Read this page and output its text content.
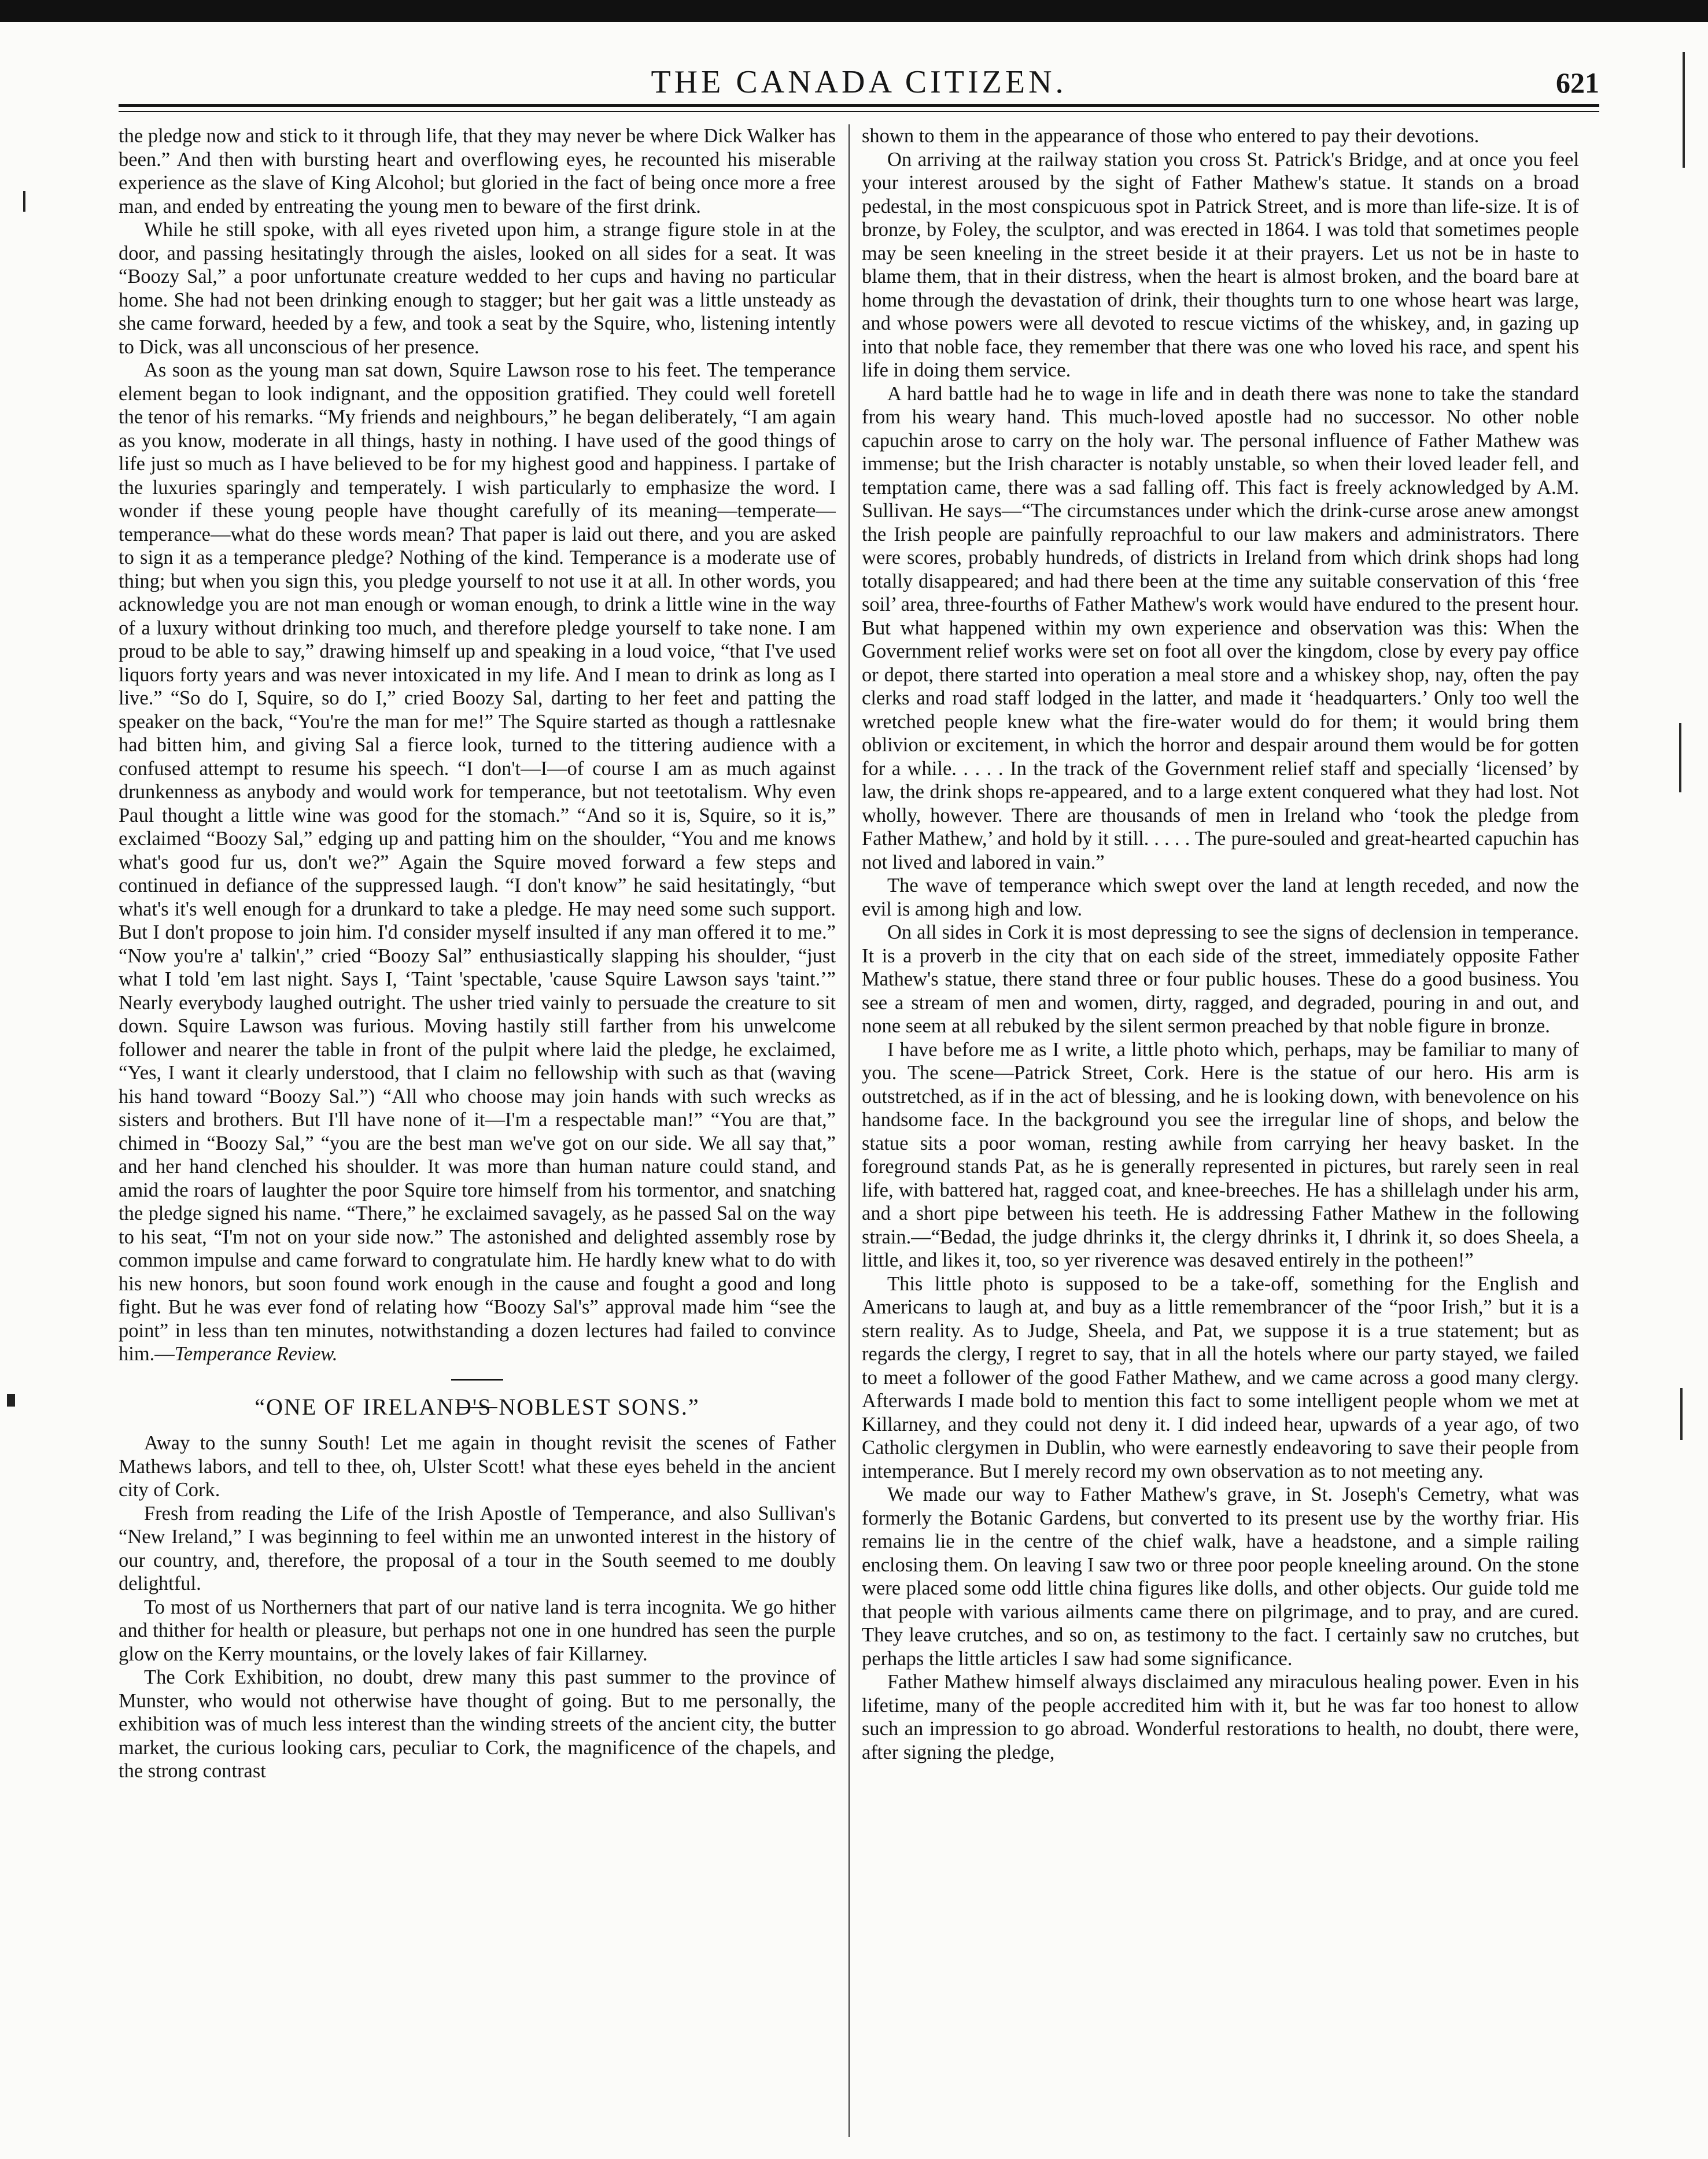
THE CANADA CITIZEN.	621

the pledge now and stick to it through life, that they may never be where Dick Walker has been.” And then with bursting heart and overflowing eyes, he recounted his miserable experience as the slave of King Alcohol; but gloried in the fact of being once more a free man, and ended by entreating the young men to beware of the first drink.

While he still spoke, with all eyes riveted upon him, a strange figure stole in at the door, and passing hesitatingly through the aisles, looked on all sides for a seat. It was “Boozy Sal,” a poor unfortunate creature wedded to her cups and having no particular home. She had not been drinking enough to stagger; but her gait was a little unsteady as she came forward, heeded by a few, and took a seat by the Squire, who, listening intently to Dick, was all unconscious of her presence.

As soon as the young man sat down, Squire Lawson rose to his feet. The temperance element began to look indignant, and the opposition gratified. They could well foretell the tenor of his remarks. “My friends and neighbours,” he began deliberately, “I am again as you know, moderate in all things, hasty in nothing. I have used of the good things of life just so much as I have believed to be for my highest good and happiness. I partake of the luxuries sparingly and temperately. I wish particularly to emphasize the word. I wonder if these young people have thought carefully of its meaning—temperate—temperance—what do these words mean? That paper is laid out there, and you are asked to sign it as a temperance pledge? Nothing of the kind. Temperance is a moderate use of thing; but when you sign this, you pledge yourself to not use it at all. In other words, you acknowledge you are not man enough or woman enough, to drink a little wine in the way of a luxury without drinking too much, and therefore pledge yourself to take none. I am proud to be able to say,” drawing himself up and speaking in a loud voice, “that I've used liquors forty years and was never intoxicated in my life. And I mean to drink as long as I live.” “So do I, Squire, so do I,” cried Boozy Sal, darting to her feet and patting the speaker on the back, “You're the man for me!” The Squire started as though a rattlesnake had bitten him, and giving Sal a fierce look, turned to the tittering audience with a confused attempt to resume his speech. “I don't—I—of course I am as much against drunkenness as anybody and would work for temperance, but not teetotalism. Why even Paul thought a little wine was good for the stomach.” “And so it is, Squire, so it is,” exclaimed “Boozy Sal,” edging up and patting him on the shoulder, “You and me knows what's good fur us, don't we?” Again the Squire moved forward a few steps and continued in defiance of the suppressed laugh. “I don't know” he said hesitatingly, “but what's it's well enough for a drunkard to take a pledge. He may need some such support. But I don't propose to join him. I'd consider myself insulted if any man offered it to me.” “Now you're a' talkin',” cried “Boozy Sal” enthusiastically slapping his shoulder, “just what I told 'em last night. Says I, ‘Taint 'spectable, 'cause Squire Lawson says 'taint.’” Nearly everybody laughed outright. The usher tried vainly to persuade the creature to sit down. Squire Lawson was furious. Moving hastily still farther from his unwelcome follower and nearer the table in front of the pulpit where laid the pledge, he exclaimed, “Yes, I want it clearly understood, that I claim no fellowship with such as that (waving his hand toward “Boozy Sal.”) “All who choose may join hands with such wrecks as sisters and brothers. But I'll have none of it—I'm a respectable man!” “You are that,” chimed in “Boozy Sal,” “you are the best man we've got on our side. We all say that,” and her hand clenched his shoulder. It was more than human nature could stand, and amid the roars of laughter the poor Squire tore himself from his tormentor, and snatching the pledge signed his name. “There,” he exclaimed savagely, as he passed Sal on the way to his seat, “I'm not on your side now.” The astonished and delighted assembly rose by common impulse and came forward to congratulate him. He hardly knew what to do with his new honors, but soon found work enough in the cause and fought a good and long fight. But he was ever fond of relating how “Boozy Sal's” approval made him “see the point” in less than ten minutes, notwithstanding a dozen lectures had failed to convince him.—Temperance Review.

“ONE OF IRELAND'S NOBLEST SONS.”

Away to the sunny South! Let me again in thought revisit the scenes of Father Mathews labors, and tell to thee, oh, Ulster Scott! what these eyes beheld in the ancient city of Cork.

Fresh from reading the Life of the Irish Apostle of Temperance, and also Sullivan's “New Ireland,” I was beginning to feel within me an unwonted interest in the history of our country, and, therefore, the proposal of a tour in the South seemed to me doubly delightful.

To most of us Northerners that part of our native land is terra incognita. We go hither and thither for health or pleasure, but perhaps not one in one hundred has seen the purple glow on the Kerry mountains, or the lovely lakes of fair Killarney.

The Cork Exhibition, no doubt, drew many this past summer to the province of Munster, who would not otherwise have thought of going. But to me personally, the exhibition was of much less interest than the winding streets of the ancient city, the butter market, the curious looking cars, peculiar to Cork, the magnificence of the chapels, and the strong contrast

shown to them in the appearance of those who entered to pay their devotions.

On arriving at the railway station you cross St. Patrick's Bridge, and at once you feel your interest aroused by the sight of Father Mathew's statue. It stands on a broad pedestal, in the most conspicuous spot in Patrick Street, and is more than life-size. It is of bronze, by Foley, the sculptor, and was erected in 1864. I was told that sometimes people may be seen kneeling in the street beside it at their prayers. Let us not be in haste to blame them, that in their distress, when the heart is almost broken, and the board bare at home through the devastation of drink, their thoughts turn to one whose heart was large, and whose powers were all devoted to rescue victims of the whiskey, and, in gazing up into that noble face, they remember that there was one who loved his race, and spent his life in doing them service.

A hard battle had he to wage in life and in death there was none to take the standard from his weary hand. This much-loved apostle had no successor. No other noble capuchin arose to carry on the holy war. The personal influence of Father Mathew was immense; but the Irish character is notably unstable, so when their loved leader fell, and temptation came, there was a sad falling off. This fact is freely acknowledged by A.M. Sullivan. He says—“The circumstances under which the drink-curse arose anew amongst the Irish people are painfully reproachful to our law makers and administrators. There were scores, probably hundreds, of districts in Ireland from which drink shops had long totally disappeared; and had there been at the time any suitable conservation of this ‘free soil’ area, three-fourths of Father Mathew's work would have endured to the present hour. But what happened within my own experience and observation was this: When the Government relief works were set on foot all over the kingdom, close by every pay office or depot, there started into operation a meal store and a whiskey shop, nay, often the pay clerks and road staff lodged in the latter, and made it ‘headquarters.’ Only too well the wretched people knew what the fire-water would do for them; it would bring them oblivion or excitement, in which the horror and despair around them would be for gotten for a while. . . . . In the track of the Government relief staff and specially ‘licensed’ by law, the drink shops re-appeared, and to a large extent conquered what they had lost. Not wholly, however. There are thousands of men in Ireland who ‘took the pledge from Father Mathew,’ and hold by it still. . . . . The pure-souled and great-hearted capuchin has not lived and labored in vain.”

The wave of temperance which swept over the land at length receded, and now the evil is among high and low.

On all sides in Cork it is most depressing to see the signs of declension in temperance. It is a proverb in the city that on each side of the street, immediately opposite Father Mathew's statue, there stand three or four public houses. These do a good business. You see a stream of men and women, dirty, ragged, and degraded, pouring in and out, and none seem at all rebuked by the silent sermon preached by that noble figure in bronze.

I have before me as I write, a little photo which, perhaps, may be familiar to many of you. The scene—Patrick Street, Cork. Here is the statue of our hero. His arm is outstretched, as if in the act of blessing, and he is looking down, with benevolence on his handsome face. In the background you see the irregular line of shops, and below the statue sits a poor woman, resting awhile from carrying her heavy basket. In the foreground stands Pat, as he is generally represented in pictures, but rarely seen in real life, with battered hat, ragged coat, and knee-breeches. He has a shillelagh under his arm, and a short pipe between his teeth. He is addressing Father Mathew in the following strain.—“Bedad, the judge dhrinks it, the clergy dhrinks it, I dhrink it, so does Sheela, a little, and likes it, too, so yer riverence was desaved entirely in the potheen!”

This little photo is supposed to be a take-off, something for the English and Americans to laugh at, and buy as a little remembrancer of the “poor Irish,” but it is a stern reality. As to Judge, Sheela, and Pat, we suppose it is a true statement; but as regards the clergy, I regret to say, that in all the hotels where our party stayed, we failed to meet a follower of the good Father Mathew, and we came across a good many clergy. Afterwards I made bold to mention this fact to some intelligent people whom we met at Killarney, and they could not deny it. I did indeed hear, upwards of a year ago, of two Catholic clergymen in Dublin, who were earnestly endeavoring to save their people from intemperance. But I merely record my own observation as to not meeting any.

We made our way to Father Mathew's grave, in St. Joseph's Cemetry, what was formerly the Botanic Gardens, but converted to its present use by the worthy friar. His remains lie in the centre of the chief walk, have a headstone, and a simple railing enclosing them. On leaving I saw two or three poor people kneeling around. On the stone were placed some odd little china figures like dolls, and other objects. Our guide told me that people with various ailments came there on pilgrimage, and to pray, and are cured. They leave crutches, and so on, as testimony to the fact. I certainly saw no crutches, but perhaps the little articles I saw had some significance.

Father Mathew himself always disclaimed any miraculous healing power. Even in his lifetime, many of the people accredited him with it, but he was far too honest to allow such an impression to go abroad. Wonderful restorations to health, no doubt, there were, after signing the pledge,
